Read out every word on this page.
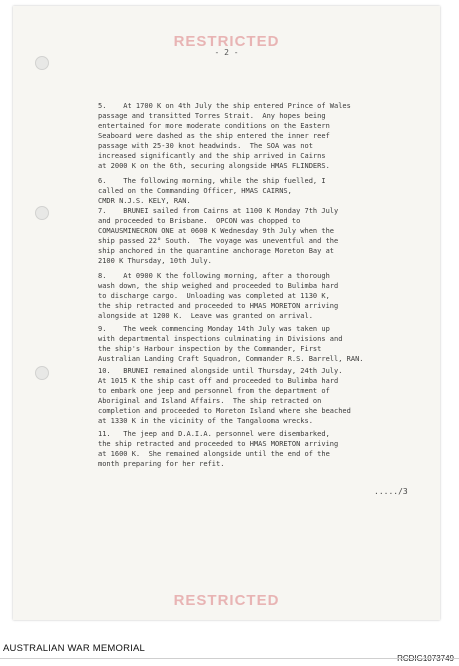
RESTRICTED
- 2 -

5.    At 1700 K on 4th July the ship entered Prince of Wales
passage and transitted Torres Strait.  Any hopes being
entertained for more moderate conditions on the Eastern
Seaboard were dashed as the ship entered the inner reef
passage with 25-30 knot headwinds.  The SOA was not
increased significantly and the ship arrived in Cairns
at 2000 K on the 6th, securing alongside HMAS FLINDERS.

6.    The following morning, while the ship fuelled, I
called on the Commanding Officer, HMAS CAIRNS,
CMDR N.J.S. KELY, RAN.

7.    BRUNEI sailed from Cairns at 1100 K Monday 7th July
and proceeded to Brisbane.  OPCON was chopped to
COMAUSMINECRON ONE at 0600 K Wednesday 9th July when the
ship passed 22° South.  The voyage was uneventful and the
ship anchored in the quarantine anchorage Moreton Bay at
2100 K Thursday, 10th July.

8.    At 0900 K the following morning, after a thorough
wash down, the ship weighed and proceeded to Bulimba hard
to discharge cargo.  Unloading was completed at 1130 K,
the ship retracted and proceeded to HMAS MORETON arriving
alongside at 1200 K.  Leave was granted on arrival.

9.    The week commencing Monday 14th July was taken up
with departmental inspections culminating in Divisions and
the ship's Harbour inspection by the Commander, First
Australian Landing Craft Squadron, Commander R.S. Barrell, RAN.

10.   BRUNEI remained alongside until Thursday, 24th July.
At 1015 K the ship cast off and proceeded to Bulimba hard
to embark one jeep and personnel from the department of
Aboriginal and Island Affairs.  The ship retracted on
completion and proceeded to Moreton Island where she beached
at 1330 K in the vicinity of the Tangalooma wrecks.

11.   The jeep and D.A.I.A. personnel were disembarked,
the ship retracted and proceeded to HMAS MORETON arriving
at 1600 K.  She remained alongside until the end of the
month preparing for her refit.

...../3
RESTRICTED
AUSTRALIAN WAR MEMORIAL
